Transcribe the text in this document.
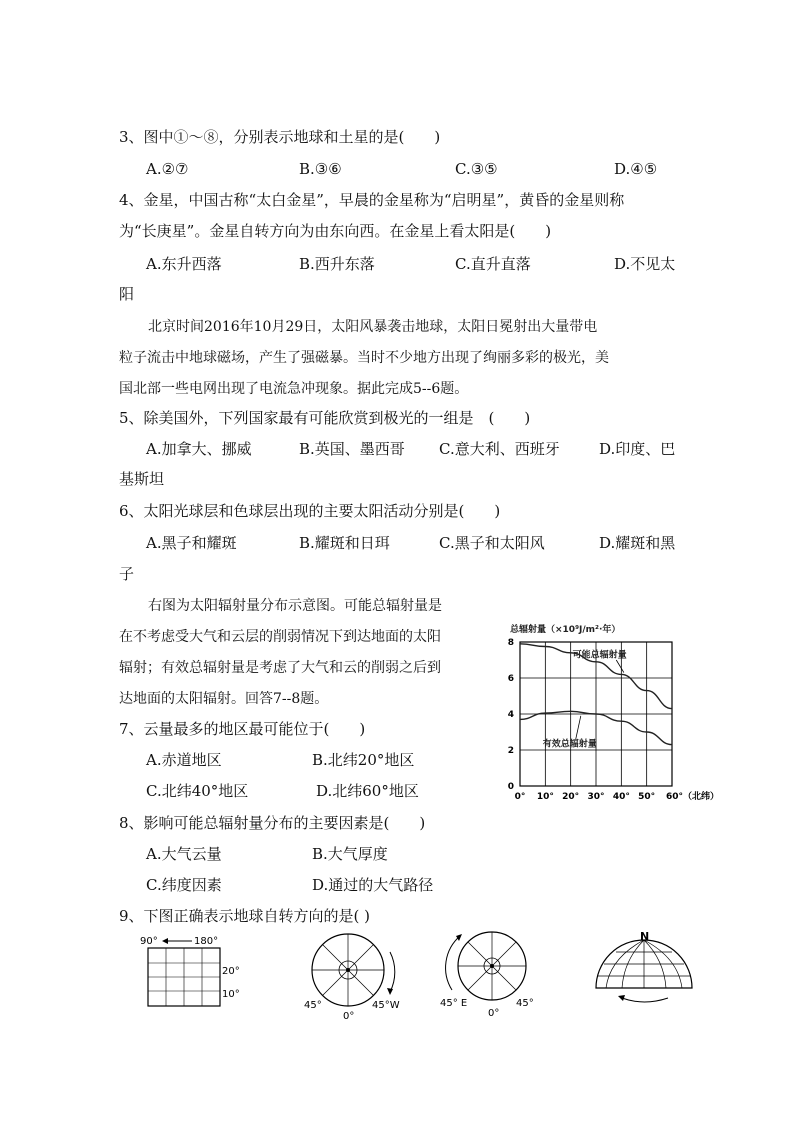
3、图中①～⑧，分别表示地球和土星的是(　　)
A.②⑦	B.③⑥	C.③⑤	D.④⑤
4、金星，中国古称“太白金星”，早晨的金星称为“启明星”，黄昏的金星则称
为“长庚星”。金星自转方向为由东向西。在金星上看太阳是(　　)
A.东升西落	B.西升东落	C.直升直落	D.不见太
阳
北京时间2016年10月29日，太阳风暴袭击地球，太阳日冕射出大量带电
粒子流击中地球磁场，产生了强磁暴。当时不少地方出现了绚丽多彩的极光，美
国北部一些电网出现了电流急冲现象。据此完成5--6题。
5、除美国外，下列国家最有可能欣赏到极光的一组是　(　　)
A.加拿大、挪威	B.英国、墨西哥 C.意大利、西班牙	D.印度、巴
基斯坦
6、太阳光球层和色球层出现的主要太阳活动分别是(　　)
A.黑子和耀斑	B.耀斑和日珥	C.黑子和太阳风	D.耀斑和黑
子
右图为太阳辐射量分布示意图。可能总辐射量是
在不考虑受大气和云层的削弱情况下到达地面的太阳
辐射；有效总辐射量是考虑了大气和云的削弱之后到
达地面的太阳辐射。回答7--8题。
7、云量最多的地区最可能位于(　　)
A.赤道地区	B.北纬20°地区
C.北纬40°地区	D.北纬60°地区
8、影响可能总辐射量分布的主要因素是(　　)
A.大气云量	B.大气厚度
C.纬度因素	D.通过的大气路径
9、下图正确表示地球自转方向的是( )
总辐射量（×10⁹J/m²·年）
0° 10° 20° 30° 40° 50° 60°（北纬）
0
2
4
6
8
可能总辐射量
有效总辐射量
90°	180°
20°
10°
45°
0°
45°W	45° E
0°
45°
N
